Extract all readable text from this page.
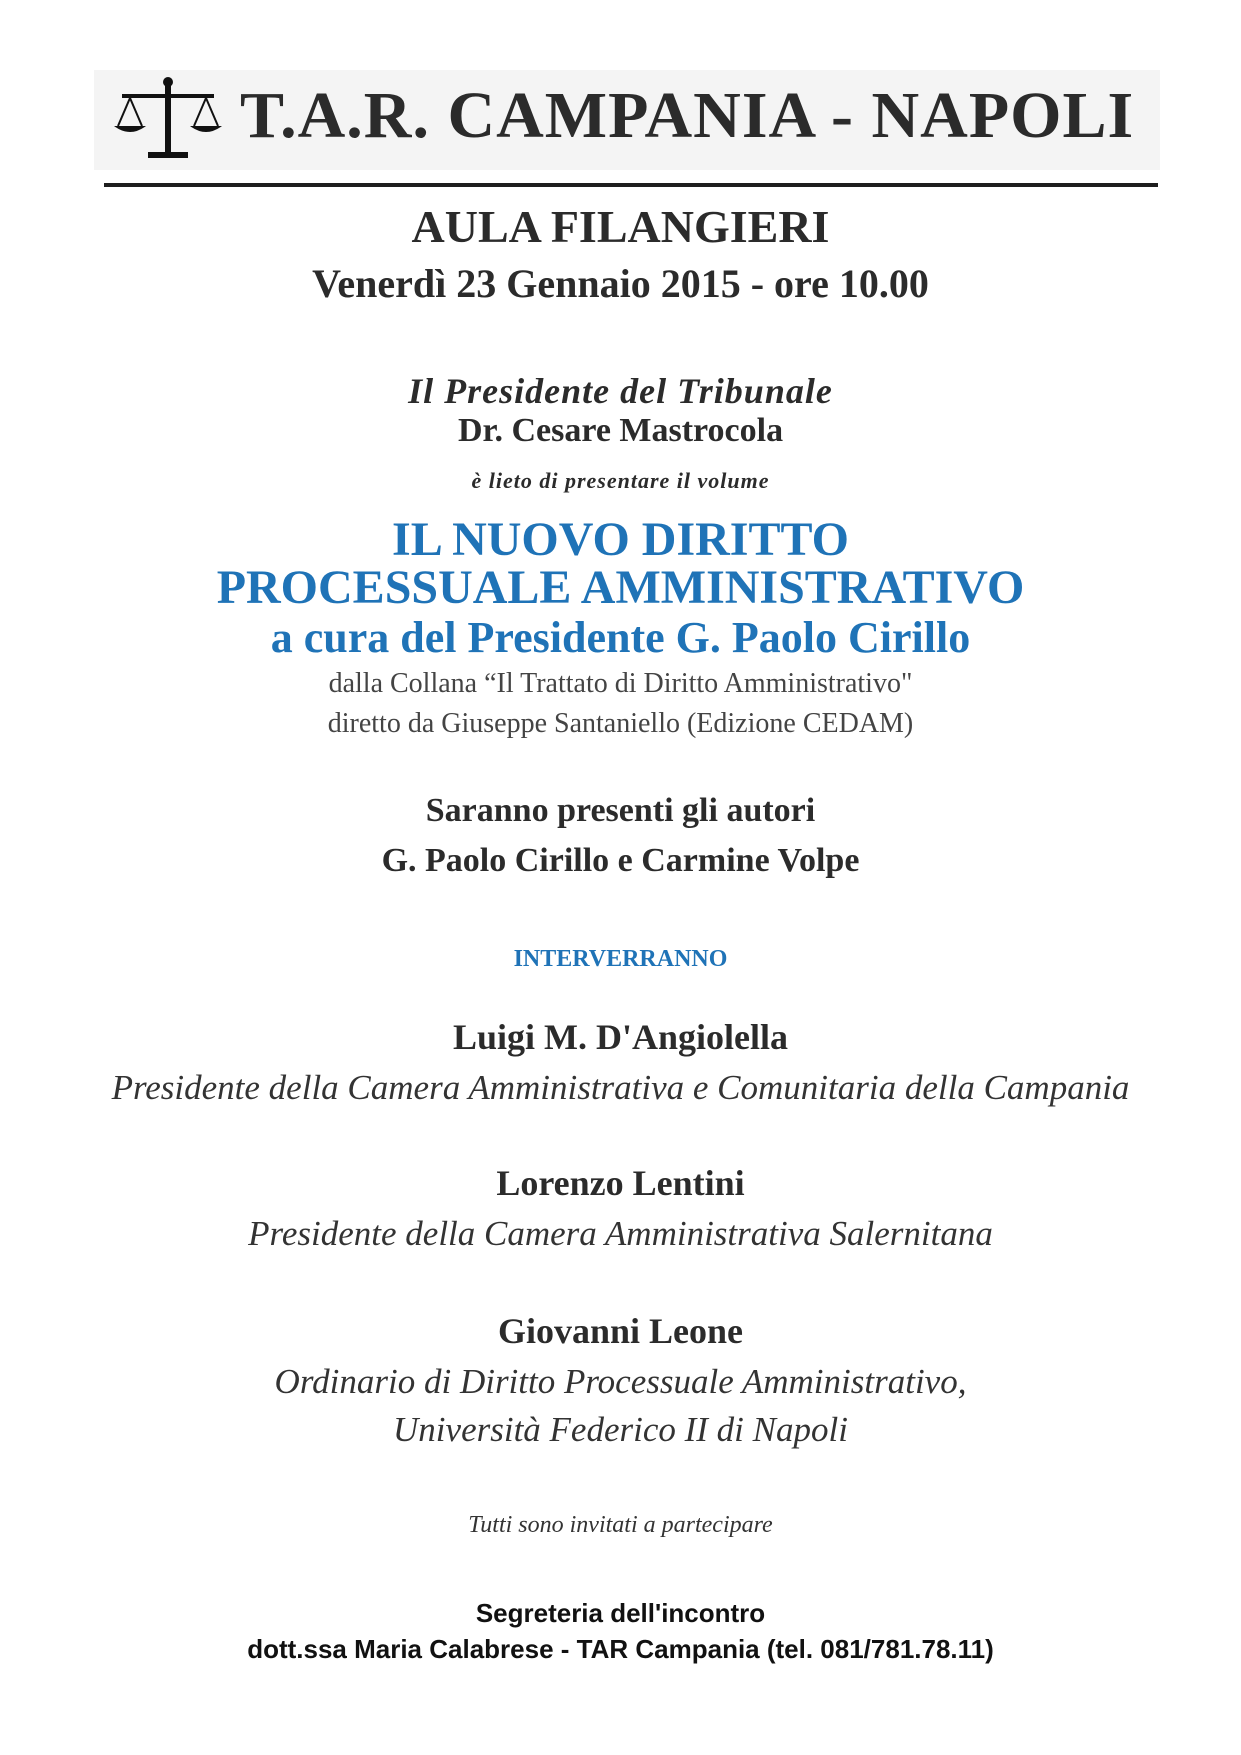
T.A.R. CAMPANIA - NAPOLI
AULA FILANGIERI
Venerdì 23 Gennaio 2015 - ore 10.00
Il Presidente del Tribunale
Dr. Cesare Mastrocola
è lieto di presentare il volume
IL NUOVO DIRITTO
PROCESSUALE AMMINISTRATIVO
a cura del Presidente G. Paolo Cirillo
dalla Collana “Il Trattato di Diritto Amministrativo"
diretto da Giuseppe Santaniello (Edizione CEDAM)
Saranno presenti gli autori
G. Paolo Cirillo e Carmine Volpe
INTERVERRANNO
Luigi M. D'Angiolella
Presidente della Camera Amministrativa e Comunitaria della Campania
Lorenzo Lentini
Presidente della Camera Amministrativa Salernitana
Giovanni Leone
Ordinario di Diritto Processuale Amministrativo,
Università Federico II di Napoli
Tutti sono invitati a partecipare
Segreteria dell'incontro
dott.ssa Maria Calabrese - TAR Campania (tel. 081/781.78.11)
